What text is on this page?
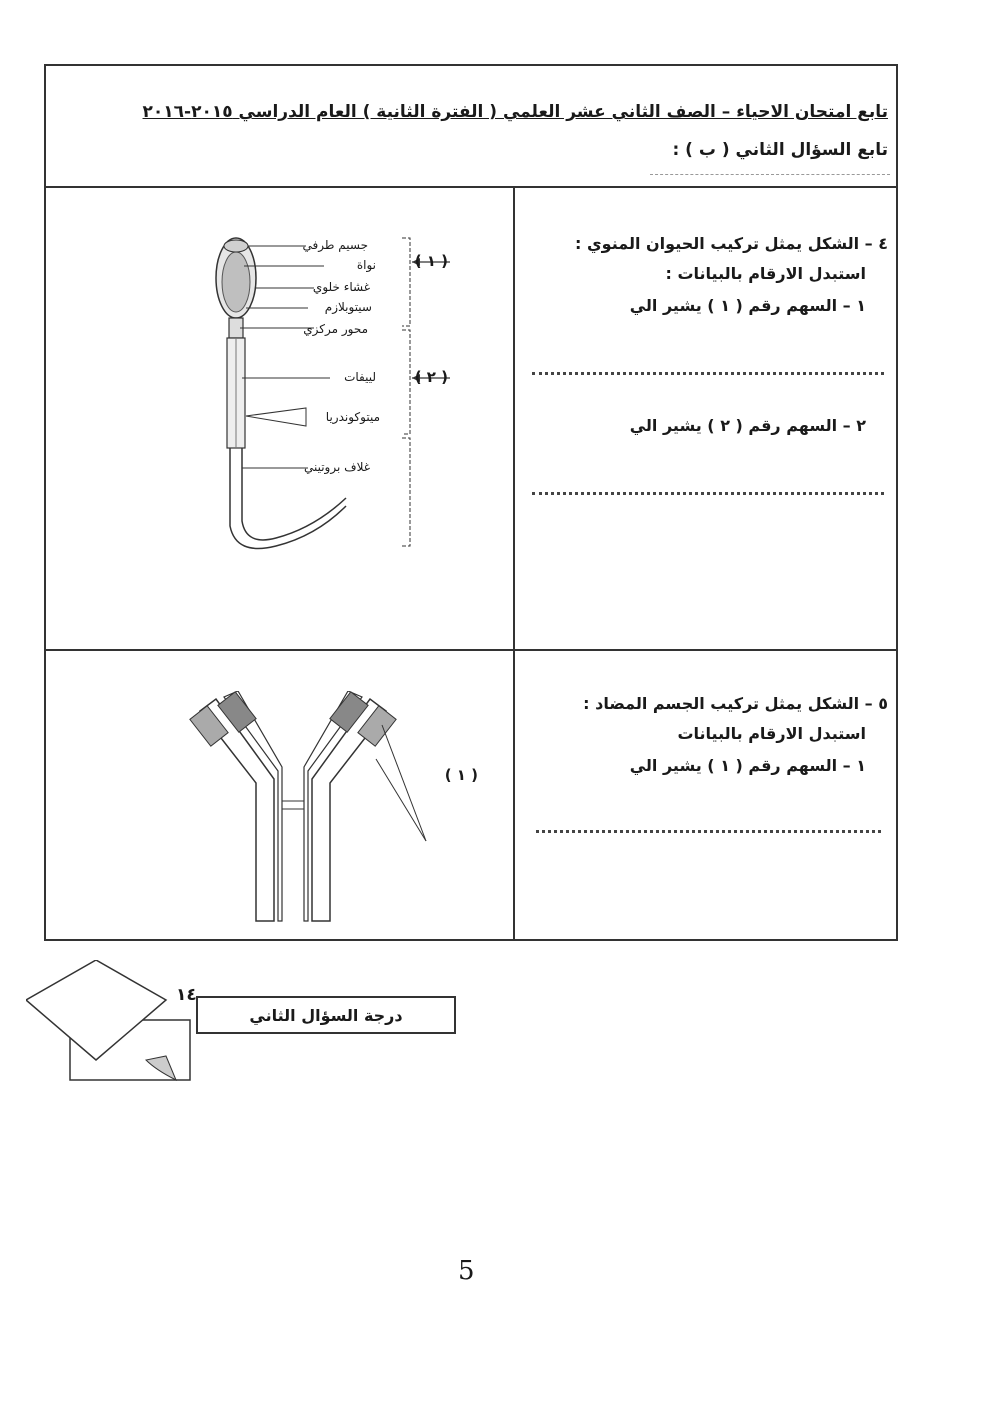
تابع امتحان الاحياء – الصف الثاني عشر العلمي ( الفترة الثانية ) العام الدراسي ٢٠١٥-٢٠١٦
تابع السؤال الثاني ( ب ) :
٤ – الشكل يمثل تركيب الحيوان المنوي :
استبدل الارقام بالبيانات :
١ – السهم رقم ( ١ ) يشير الي
٢ – السهم رقم ( ٢ ) يشير الي
٥ – الشكل يمثل تركيب الجسم المضاد :
استبدل الارقام بالبيانات
١ – السهم رقم ( ١ ) يشير الي
جسيم طرفي
نواة
غشاء خلوي
سيتوبلازم
محور مركزي
لييفات
ميتوكوندريا
غلاف بروتيني
( ١ )
( ٢ )
( ١ )
١٤
درجة السؤال الثاني
5
